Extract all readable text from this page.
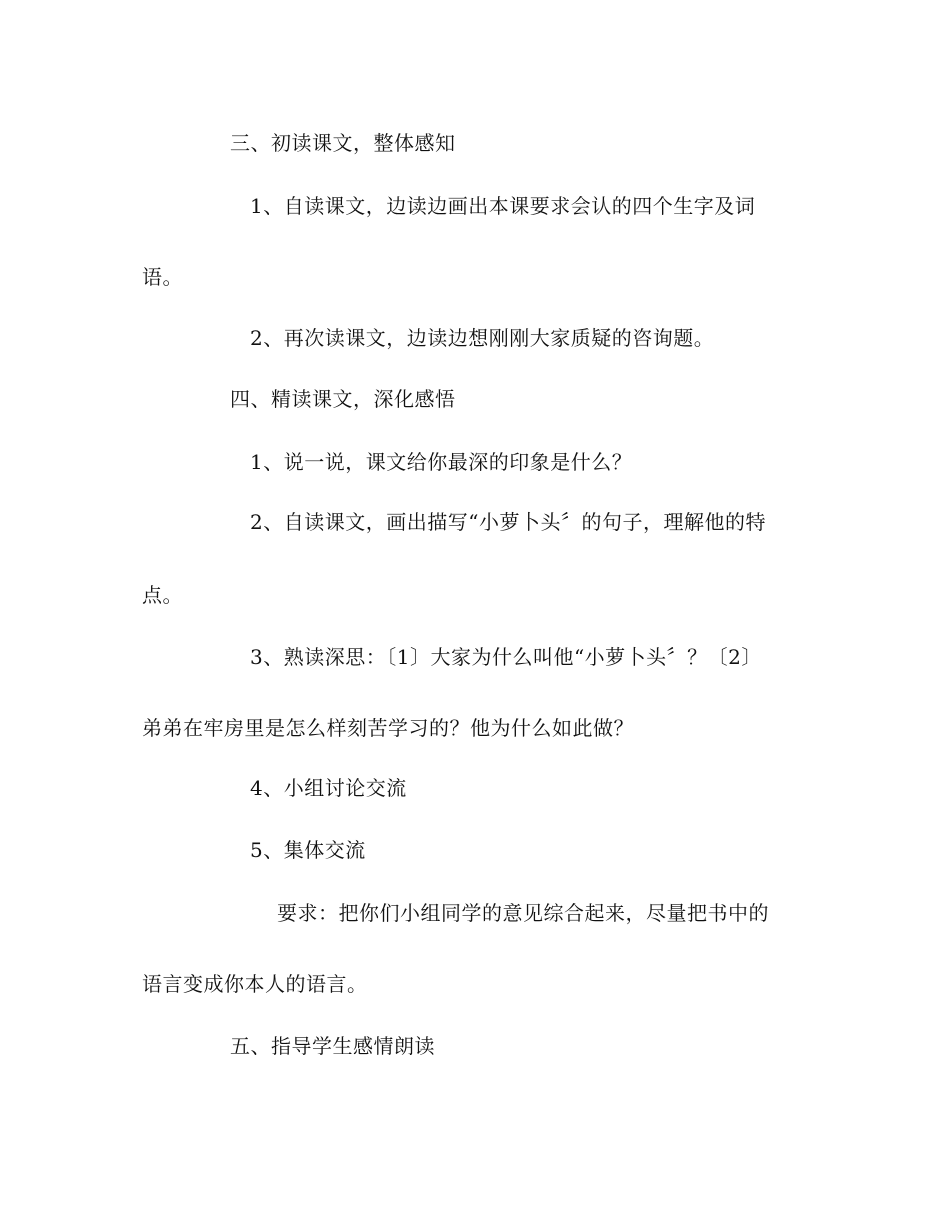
三、初读课文，整体感知
1、自读课文，边读边画出本课要求会认的四个生字及词
语。
2、再次读课文，边读边想刚刚大家质疑的咨询题。
四、精读课文，深化感悟
1、说一说，课文给你最深的印象是什么？
2、自读课文，画出描写“小萝卜头〞的句子，理解他的特
点。
3、熟读深思：〔1〕大家为什么叫他“小萝卜头〞？〔2〕
弟弟在牢房里是怎么样刻苦学习的？他为什么如此做？
4、小组讨论交流
5、集体交流
要求：把你们小组同学的意见综合起来，尽量把书中的
语言变成你本人的语言。
五、指导学生感情朗读
